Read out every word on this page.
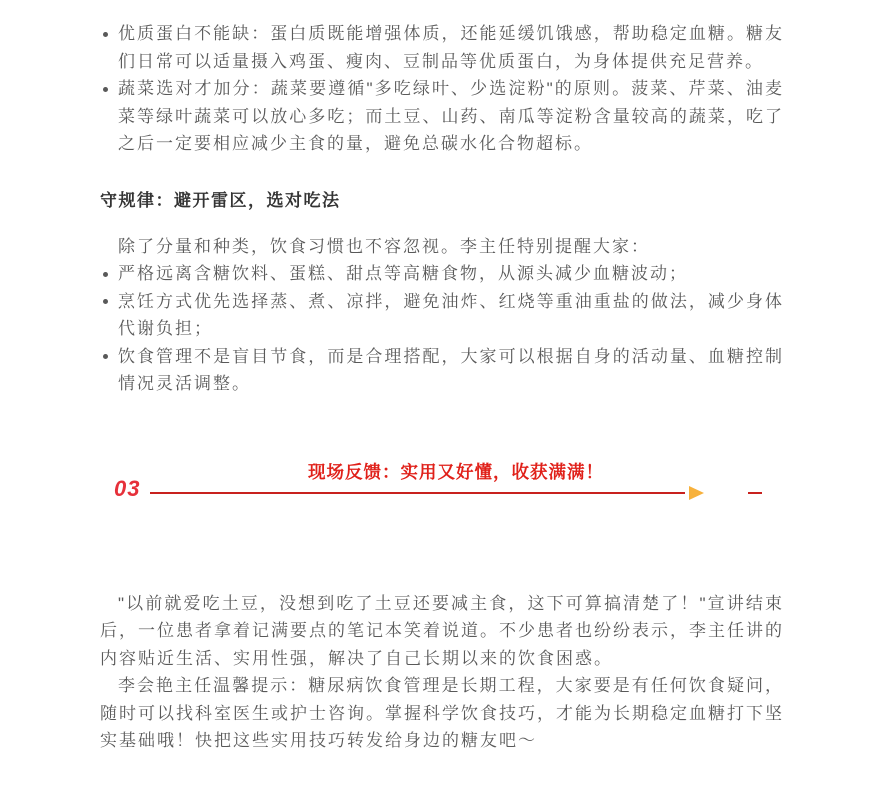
优质蛋白不能缺：蛋白质既能增强体质，还能延缓饥饿感，帮助稳定血糖。糖友们日常可以适量摄入鸡蛋、瘦肉、豆制品等优质蛋白，为身体提供充足营养。
蔬菜选对才加分：蔬菜要遵循"多吃绿叶、少选淀粉"的原则。菠菜、芹菜、油麦菜等绿叶蔬菜可以放心多吃；而土豆、山药、南瓜等淀粉含量较高的蔬菜，吃了之后一定要相应减少主食的量，避免总碳水化合物超标。
守规律：避开雷区，选对吃法

除了分量和种类，饮食习惯也不容忽视。李主任特别提醒大家：

严格远离含糖饮料、蛋糕、甜点等高糖食物，从源头减少血糖波动；
烹饪方式优先选择蒸、煮、凉拌，避免油炸、红烧等重油重盐的做法，减少身体代谢负担；
饮食管理不是盲目节食，而是合理搭配，大家可以根据自身的活动量、血糖控制情况灵活调整。
03
现场反馈：实用又好懂，收获满满！

"以前就爱吃土豆，没想到吃了土豆还要减主食，这下可算搞清楚了！"宣讲结束后，一位患者拿着记满要点的笔记本笑着说道。不少患者也纷纷表示，李主任讲的内容贴近生活、实用性强，解决了自己长期以来的饮食困惑。

李会艳主任温馨提示：糖尿病饮食管理是长期工程，大家要是有任何饮食疑问，随时可以找科室医生或护士咨询。掌握科学饮食技巧，才能为长期稳定血糖打下坚实基础哦！快把这些实用技巧转发给身边的糖友吧～
